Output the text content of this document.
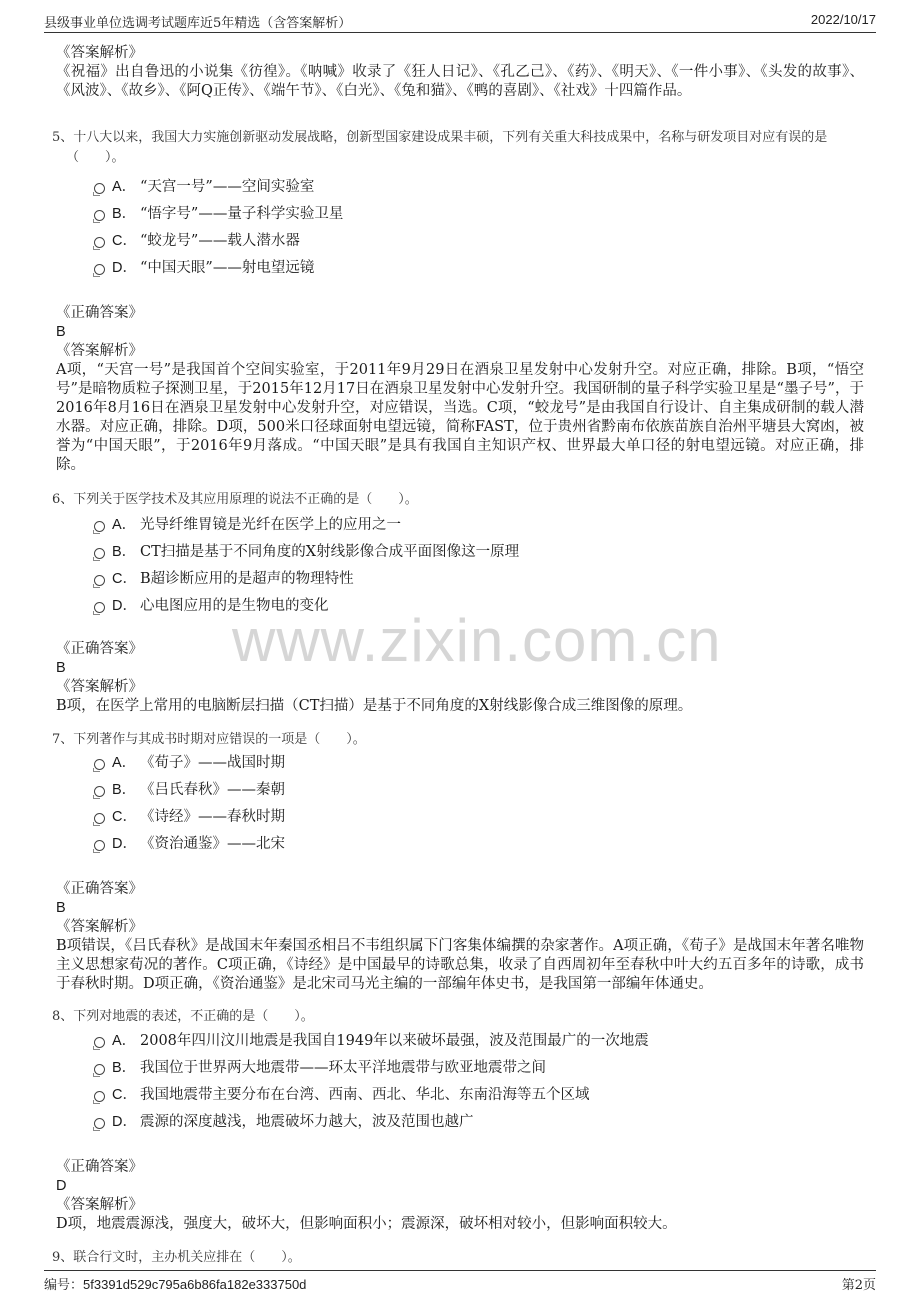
县级事业单位选调考试题库近5年精选（含答案解析）	2022/10/17
www.zixin.com.cn
《答案解析》
《祝福》出自鲁迅的小说集《彷徨》。《呐喊》收录了《狂人日记》、《孔乙己》、《药》、《明天》、《一件小事》、《头发的故事》、《风波》、《故乡》、《阿Q正传》、《端午节》、《白光》、《兔和猫》、《鸭的喜剧》、《社戏》十四篇作品。
5、十八大以来，我国大力实施创新驱动发展战略，创新型国家建设成果丰硕，下列有关重大科技成果中，名称与研发项目对应有误的是（　　）。
A． “天宫一号”——空间实验室
B． “悟字号”——量子科学实验卫星
C． “蛟龙号”——载人潜水器
D． “中国天眼”——射电望远镜
《正确答案》
B
《答案解析》
A项，“天宫一号”是我国首个空间实验室，于2011年9月29日在酒泉卫星发射中心发射升空。对应正确，排除。B项，“悟空号”是暗物质粒子探测卫星，于2015年12月17日在酒泉卫星发射中心发射升空。我国研制的量子科学实验卫星是“墨子号”，于2016年8月16日在酒泉卫星发射中心发射升空，对应错误，当选。C项，“蛟龙号”是由我国自行设计、自主集成研制的载人潜水器。对应正确，排除。D项，500米口径球面射电望远镜，简称FAST，位于贵州省黔南布依族苗族自治州平塘县大窝凼，被誉为“中国天眼”，于2016年9月落成。“中国天眼”是具有我国自主知识产权、世界最大单口径的射电望远镜。对应正确，排除。
6、下列关于医学技术及其应用原理的说法不正确的是（　　）。
A． 光导纤维胃镜是光纤在医学上的应用之一
B． CT扫描是基于不同角度的X射线影像合成平面图像这一原理
C． B超诊断应用的是超声的物理特性
D． 心电图应用的是生物电的变化
《正确答案》
B
《答案解析》
B项，在医学上常用的电脑断层扫描（CT扫描）是基于不同角度的X射线影像合成三维图像的原理。
7、下列著作与其成书时期对应错误的一项是（　　）。
A． 《荀子》——战国时期
B． 《吕氏春秋》——秦朝
C． 《诗经》——春秋时期
D． 《资治通鉴》——北宋
《正确答案》
B
《答案解析》
B项错误，《吕氏春秋》是战国末年秦国丞相吕不韦组织属下门客集体编撰的杂家著作。A项正确，《荀子》是战国末年著名唯物主义思想家荀况的著作。C项正确，《诗经》是中国最早的诗歌总集，收录了自西周初年至春秋中叶大约五百多年的诗歌，成书于春秋时期。D项正确，《资治通鉴》是北宋司马光主编的一部编年体史书，是我国第一部编年体通史。
8、下列对地震的表述，不正确的是（　　）。
A． 2008年四川汶川地震是我国自1949年以来破坏最强，波及范围最广的一次地震
B． 我国位于世界两大地震带——环太平洋地震带与欧亚地震带之间
C． 我国地震带主要分布在台湾、西南、西北、华北、东南沿海等五个区域
D． 震源的深度越浅，地震破坏力越大，波及范围也越广
《正确答案》
D
《答案解析》
D项，地震震源浅，强度大，破坏大，但影响面积小；震源深，破坏相对较小，但影响面积较大。
9、联合行文时，主办机关应排在（　　）。
编号：5f3391d529c795a6b86fa182e333750d	第2页
